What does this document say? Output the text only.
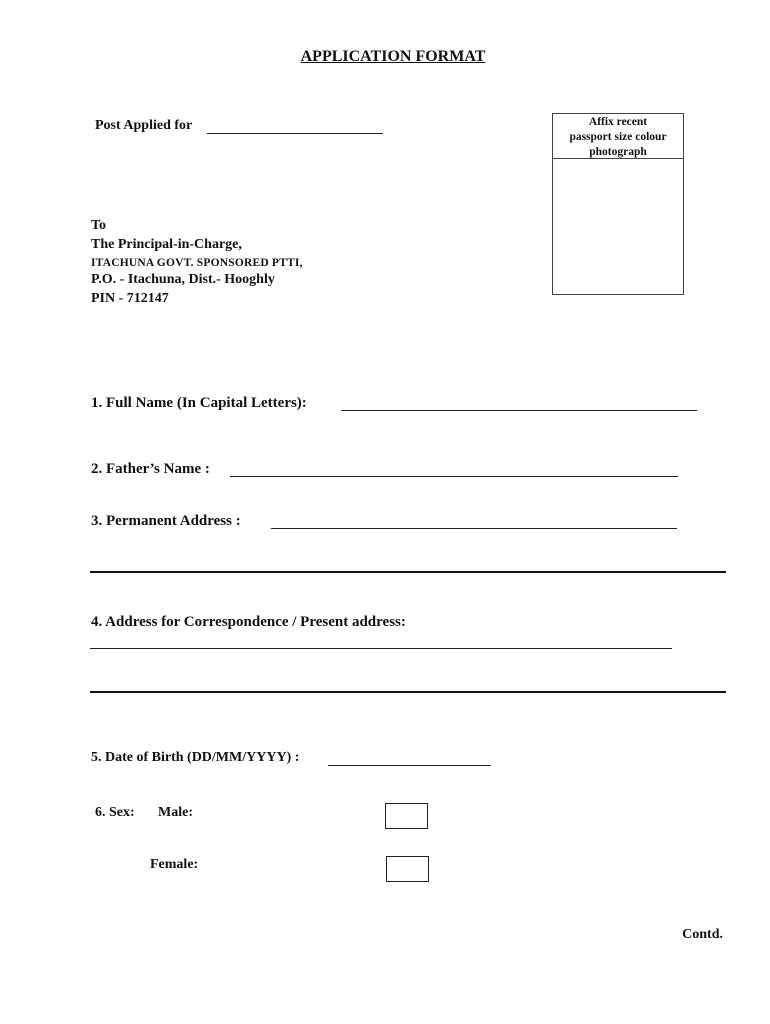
APPLICATION FORMAT
Post Applied for	Affix recent
passport size colour
photograph
To
The Principal-in-Charge,
ITACHUNA GOVT. SPONSORED PTTI,
P.O. - Itachuna, Dist.- Hooghly
PIN - 712147
1. Full Name (In Capital Letters):
2. Father’s Name :
3. Permanent Address :
4. Address for Correspondence / Present address:
5. Date of Birth (DD/MM/YYYY) :
6. Sex: Male:
Female:
Contd.
